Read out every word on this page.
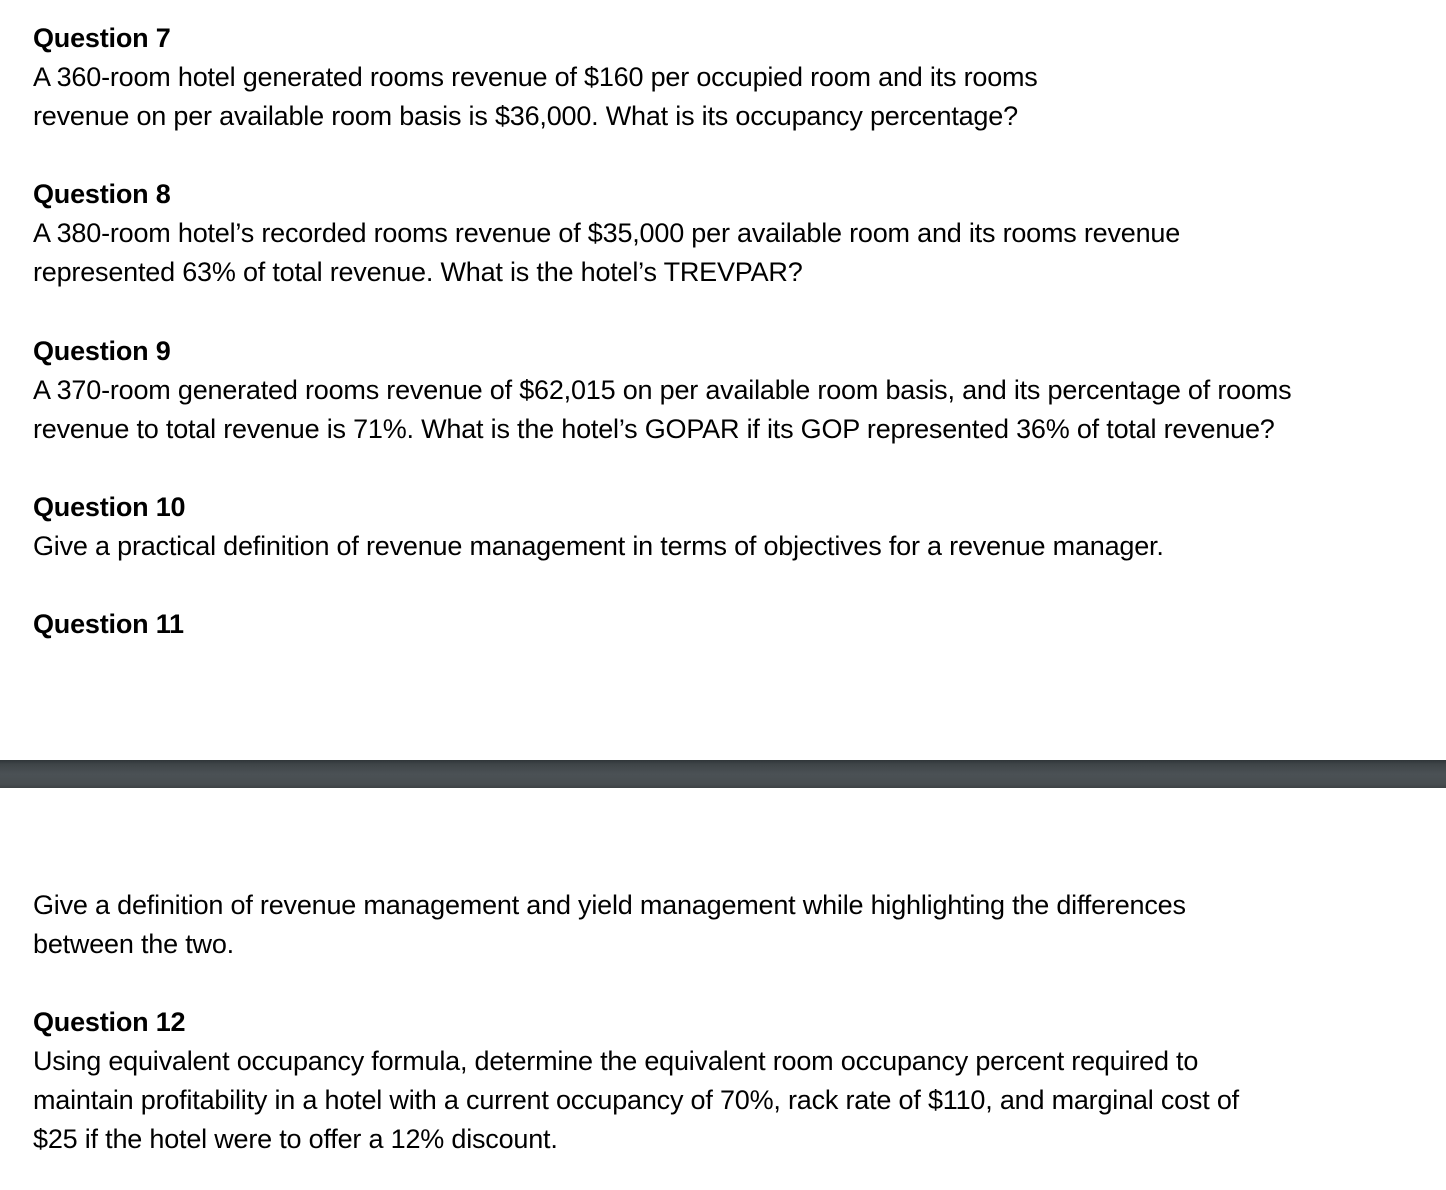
Question 7
A 360-room hotel generated rooms revenue of $160 per occupied room and its rooms
revenue on per available room basis is $36,000. What is its occupancy percentage?
Question 8
A 380-room hotel’s recorded rooms revenue of $35,000 per available room and its rooms revenue
represented 63% of total revenue. What is the hotel’s TREVPAR?
Question 9
A 370-room generated rooms revenue of $62,015 on per available room basis, and its percentage of rooms
revenue to total revenue is 71%. What is the hotel’s GOPAR if its GOP represented 36% of total revenue?
Question 10
Give a practical definition of revenue management in terms of objectives for a revenue manager.
Question 11
Give a definition of revenue management and yield management while highlighting the differences
between the two.
Question 12
Using equivalent occupancy formula, determine the equivalent room occupancy percent required to
maintain profitability in a hotel with a current occupancy of 70%, rack rate of $110, and marginal cost of
$25 if the hotel were to offer a 12% discount.
